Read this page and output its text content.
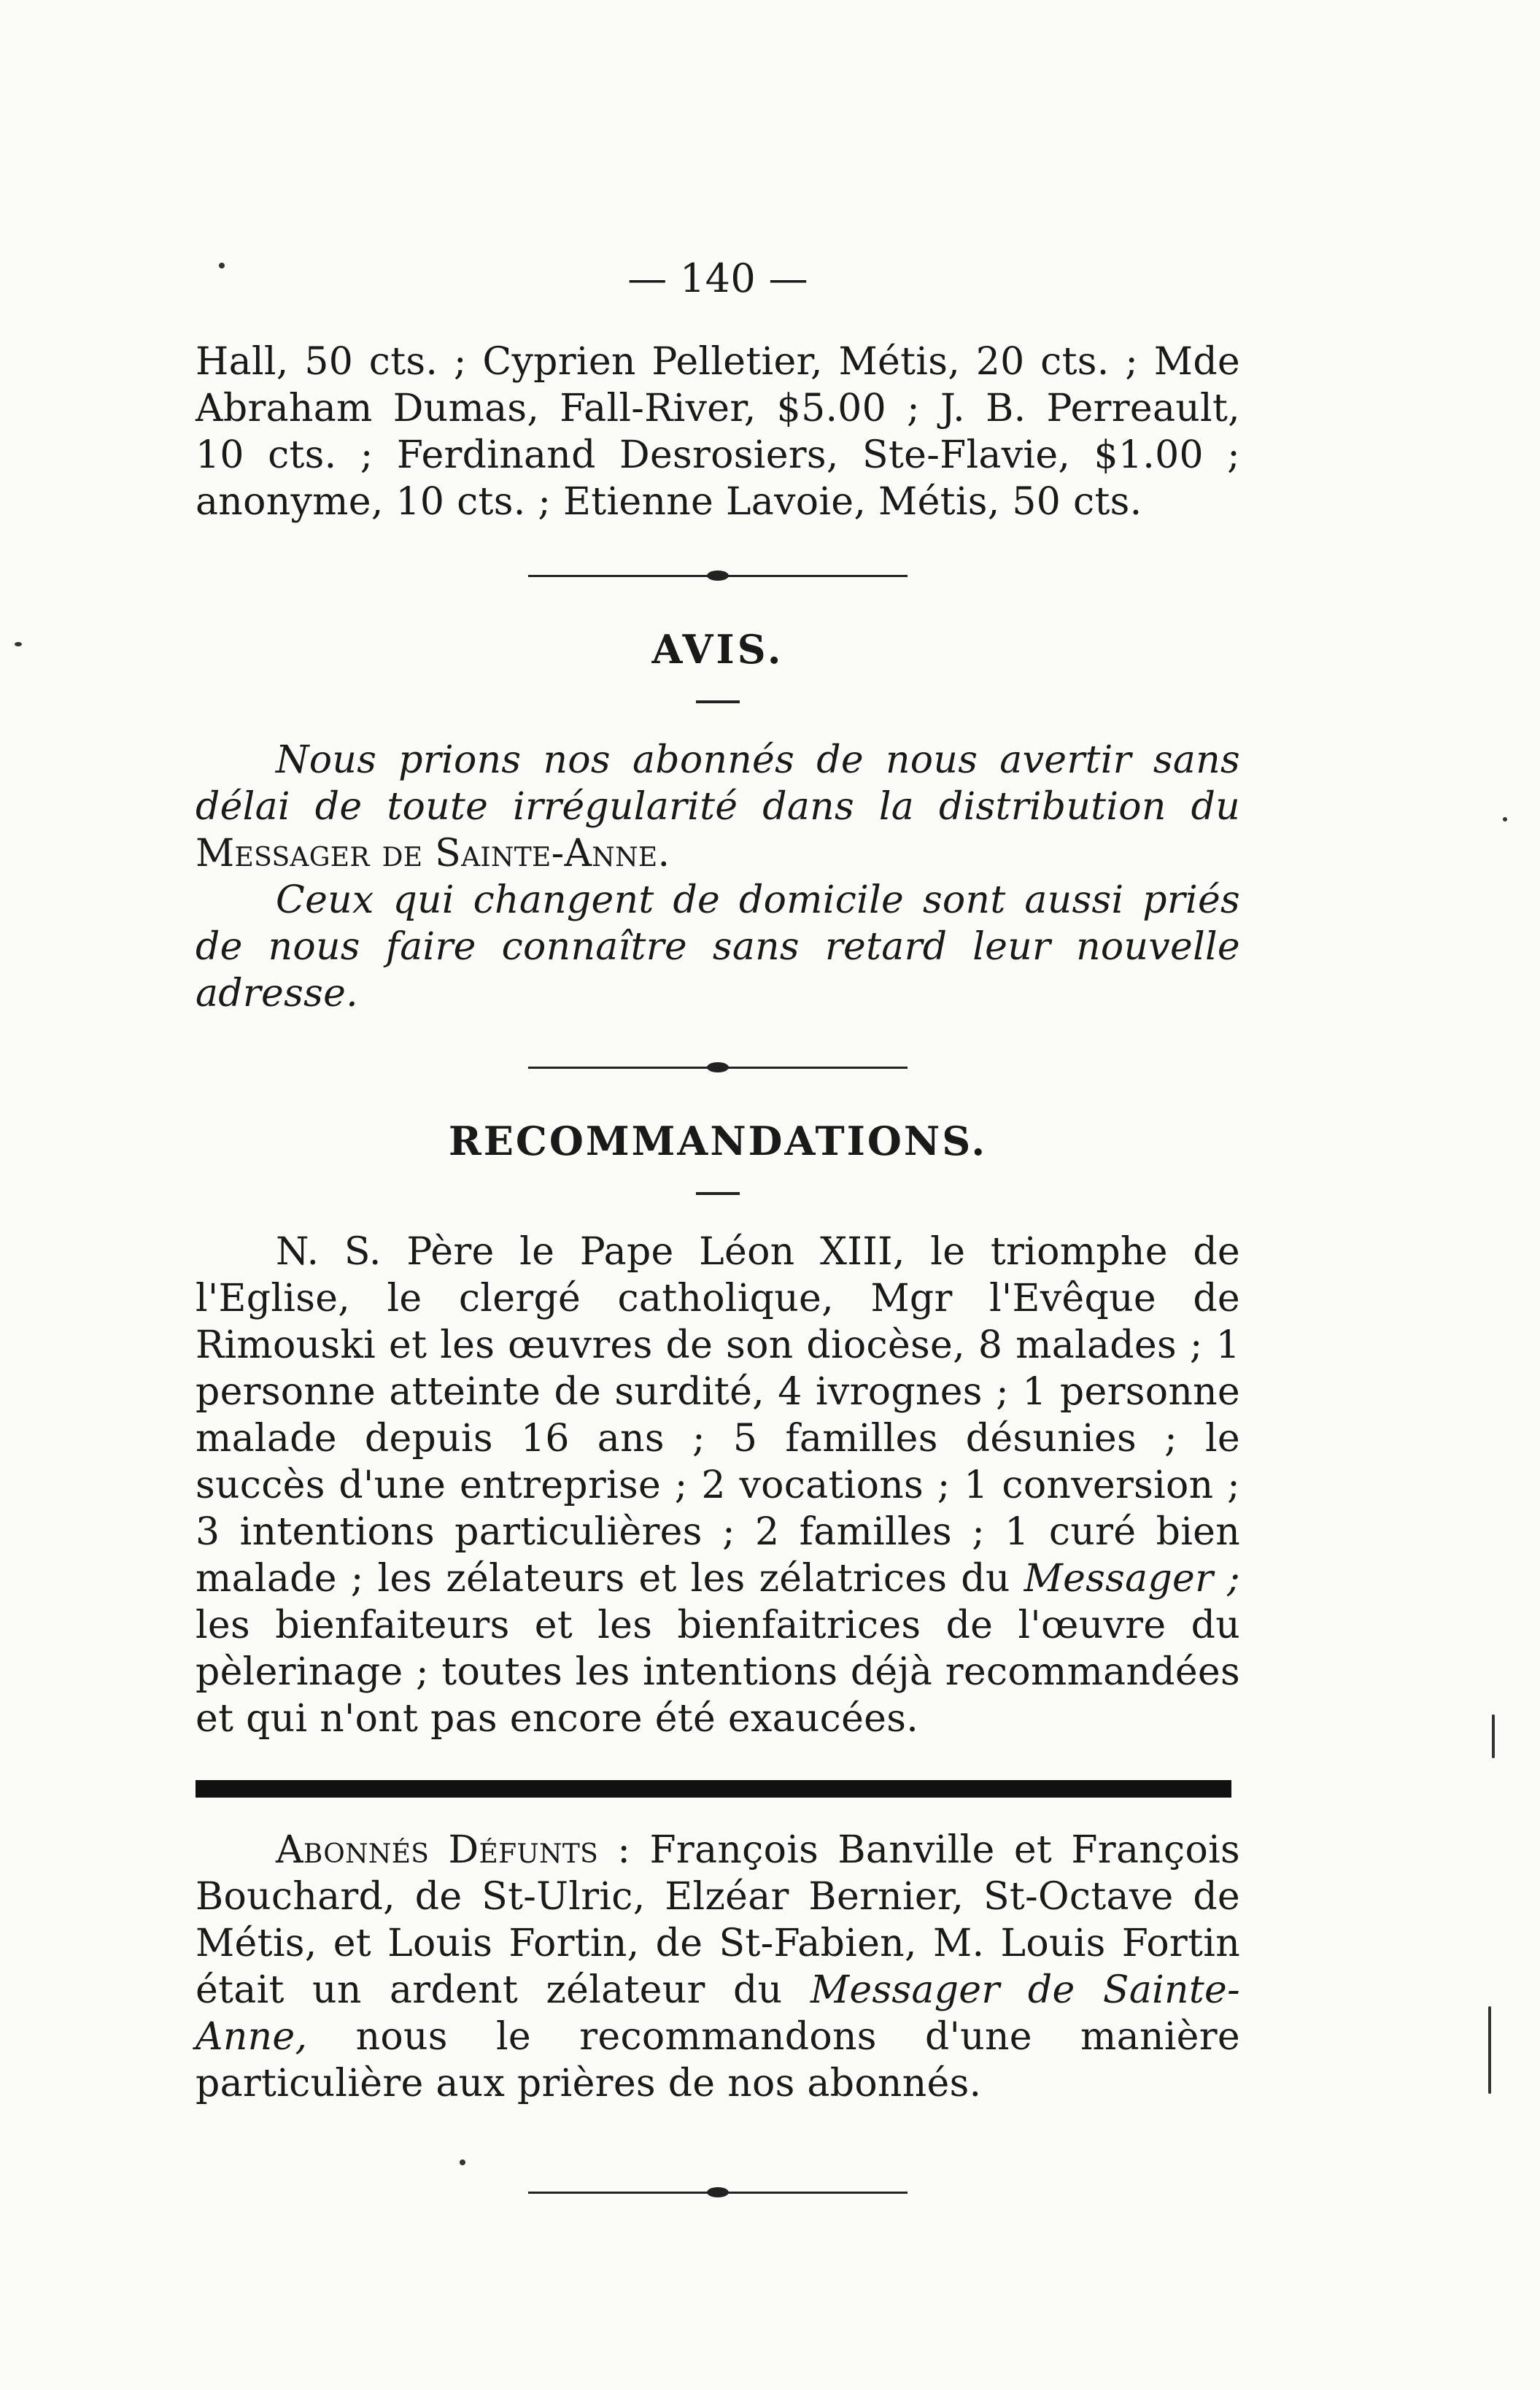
— 140 —

Hall, 50 cts. ; Cyprien Pelletier, Métis, 20 cts. ; Mde Abraham Dumas, Fall-River, $5.00 ; J. B. Perreault, 10 cts. ; Ferdinand Desrosiers, Ste-Flavie, $1.00 ; anonyme, 10 cts. ; Etienne Lavoie, Métis, 50 cts.

AVIS.

Nous prions nos abonnés de nous avertir sans délai de toute irrégularité dans la distribution du Messager de Sainte-Anne.

Ceux qui changent de domicile sont aussi priés de nous faire connaître sans retard leur nouvelle adresse.

RECOMMANDATIONS.

N. S. Père le Pape Léon XIII, le triomphe de l'Eglise, le clergé catholique, Mgr l'Evêque de Rimouski et les œuvres de son diocèse, 8 malades ; 1 personne atteinte de surdité, 4 ivrognes ; 1 personne malade depuis 16 ans ; 5 familles désunies ; le succès d'une entreprise ; 2 vocations ; 1 conversion ; 3 intentions particulières ; 2 familles ; 1 curé bien malade ; les zélateurs et les zélatrices du Messager ; les bienfaiteurs et les bienfaitrices de l'œuvre du pèlerinage ; toutes les intentions déjà recommandées et qui n'ont pas encore été exaucées.

Abonnés Défunts : François Banville et François Bouchard, de St-Ulric, Elzéar Bernier, St-Octave de Métis, et Louis Fortin, de St-Fabien, M. Louis Fortin était un ardent zélateur du Messager de Sainte-Anne, nous le recommandons d'une manière particulière aux prières de nos abonnés.
